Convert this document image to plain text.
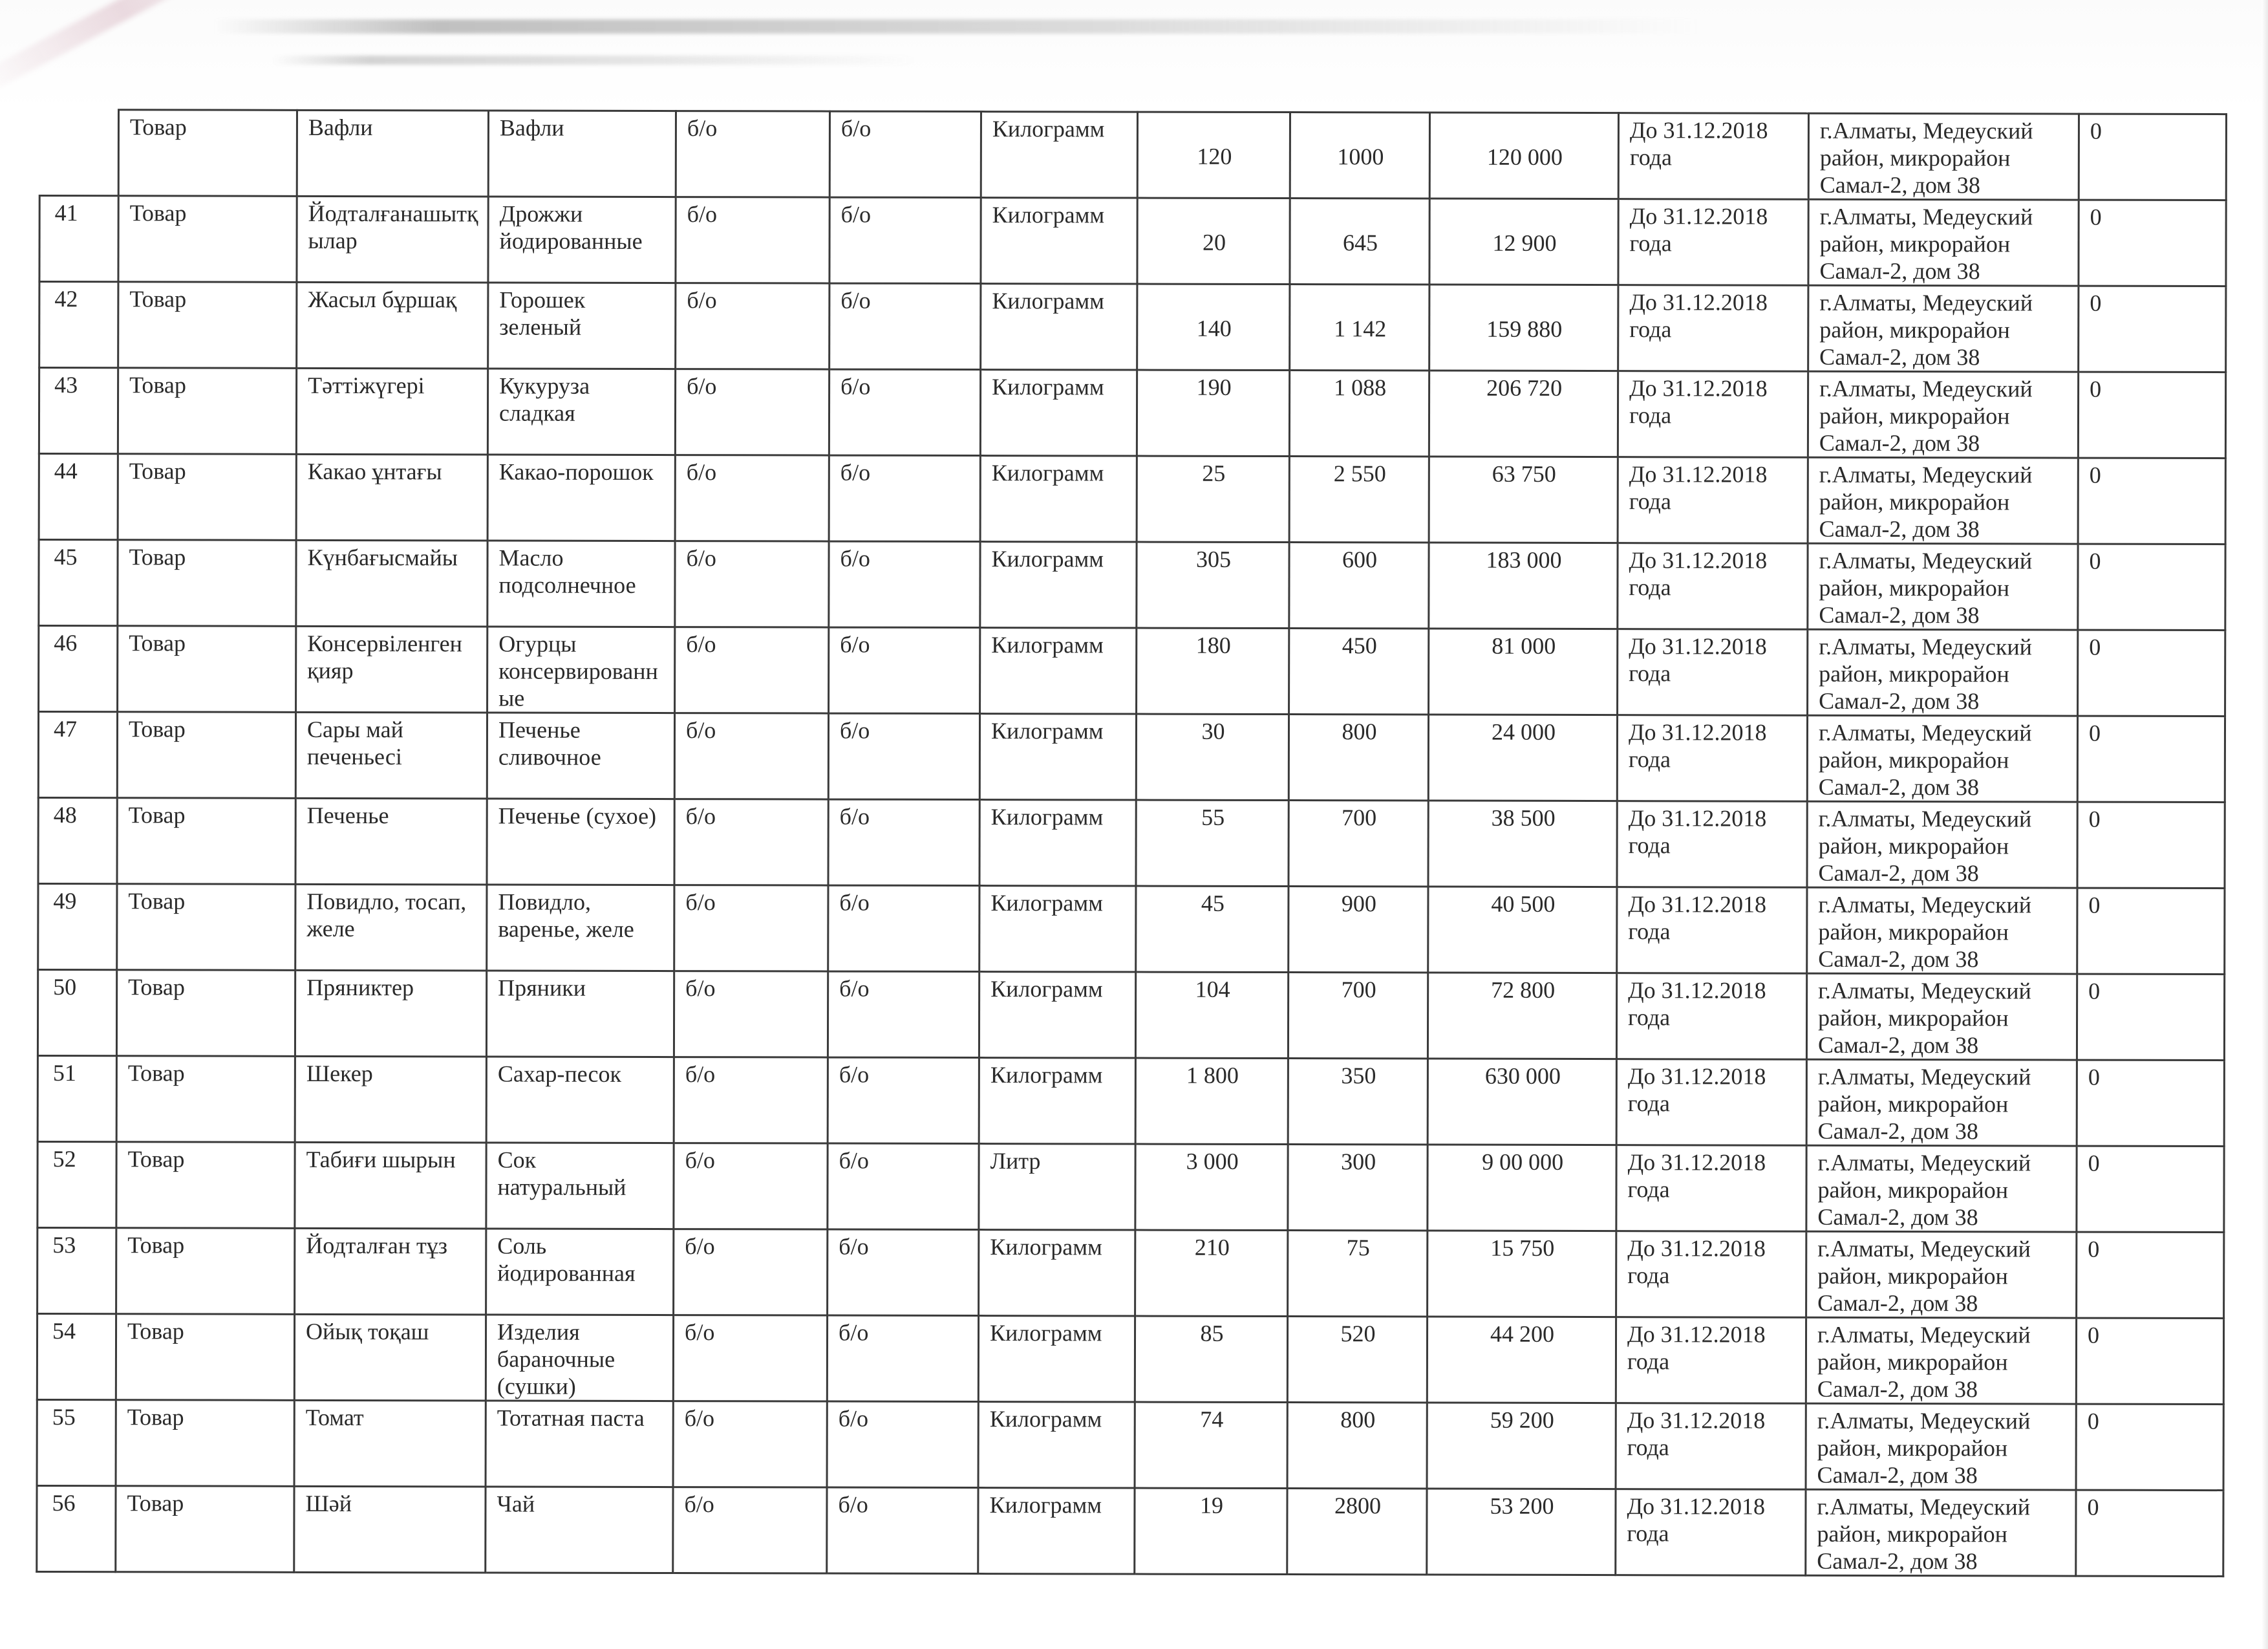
	Товар	Вафли	Вафли	б/о	б/о	Килограмм	120	1000	120 000	До 31.12.2018 года	г.Алматы, Медеуский район, микрорайон Самал-2, дом 38	0

41	Товар	Йодталғанашытқылар	Дрожжи йодированные	б/о	б/о	Килограмм	20	645	12 900	До 31.12.2018 года	г.Алматы, Медеуский район, микрорайон Самал-2, дом 38	0

42	Товар	Жасыл бұршақ	Горошек зеленый	б/о	б/о	Килограмм	140	1 142	159 880	До 31.12.2018 года	г.Алматы, Медеуский район, микрорайон Самал-2, дом 38	0

43	Товар	Тәттіжүгері	Кукуруза сладкая	б/о	б/о	Килограмм	190	1 088	206 720	До 31.12.2018 года	г.Алматы, Медеуский район, микрорайон Самал-2, дом 38	0

44	Товар	Какао ұнтағы	Какао-порошок	б/о	б/о	Килограмм	25	2 550	63 750	До 31.12.2018 года	г.Алматы, Медеуский район, микрорайон Самал-2, дом 38	0

45	Товар	Күнбағысмайы	Масло подсолнечное	б/о	б/о	Килограмм	305	600	183 000	До 31.12.2018 года	г.Алматы, Медеуский район, микрорайон Самал-2, дом 38	0

46	Товар	Консервіленген қияр	Огурцы консервированные	б/о	б/о	Килограмм	180	450	81 000	До 31.12.2018 года	г.Алматы, Медеуский район, микрорайон Самал-2, дом 38	0

47	Товар	Сары май печеньесі	Печенье сливочное	б/о	б/о	Килограмм	30	800	24 000	До 31.12.2018 года	г.Алматы, Медеуский район, микрорайон Самал-2, дом 38	0

48	Товар	Печенье	Печенье (сухое)	б/о	б/о	Килограмм	55	700	38 500	До 31.12.2018 года	г.Алматы, Медеуский район, микрорайон Самал-2, дом 38	0

49	Товар	Повидло, тосап, желе	Повидло, варенье, желе	б/о	б/о	Килограмм	45	900	40 500	До 31.12.2018 года	г.Алматы, Медеуский район, микрорайон Самал-2, дом 38	0

50	Товар	Пряниктер	Пряники	б/о	б/о	Килограмм	104	700	72 800	До 31.12.2018 года	г.Алматы, Медеуский район, микрорайон Самал-2, дом 38	0

51	Товар	Шекер	Сахар-песок	б/о	б/о	Килограмм	1 800	350	630 000	До 31.12.2018 года	г.Алматы, Медеуский район, микрорайон Самал-2, дом 38	0

52	Товар	Табиғи шырын	Сок натуральный	б/о	б/о	Литр	3 000	300	9 00 000	До 31.12.2018 года	г.Алматы, Медеуский район, микрорайон Самал-2, дом 38	0

53	Товар	Йодталған тұз	Соль йодированная	б/о	б/о	Килограмм	210	75	15 750	До 31.12.2018 года	г.Алматы, Медеуский район, микрорайон Самал-2, дом 38	0

54	Товар	Ойық тоқаш	Изделия бараночные (сушки)	б/о	б/о	Килограмм	85	520	44 200	До 31.12.2018 года	г.Алматы, Медеуский район, микрорайон Самал-2, дом 38	0

55	Товар	Томат	Тотатная паста	б/о	б/о	Килограмм	74	800	59 200	До 31.12.2018 года	г.Алматы, Медеуский район, микрорайон Самал-2, дом 38	0

56	Товар	Шәй	Чай	б/о	б/о	Килограмм	19	2800	53 200	До 31.12.2018 года	г.Алматы, Медеуский район, микрорайон Самал-2, дом 38	0
